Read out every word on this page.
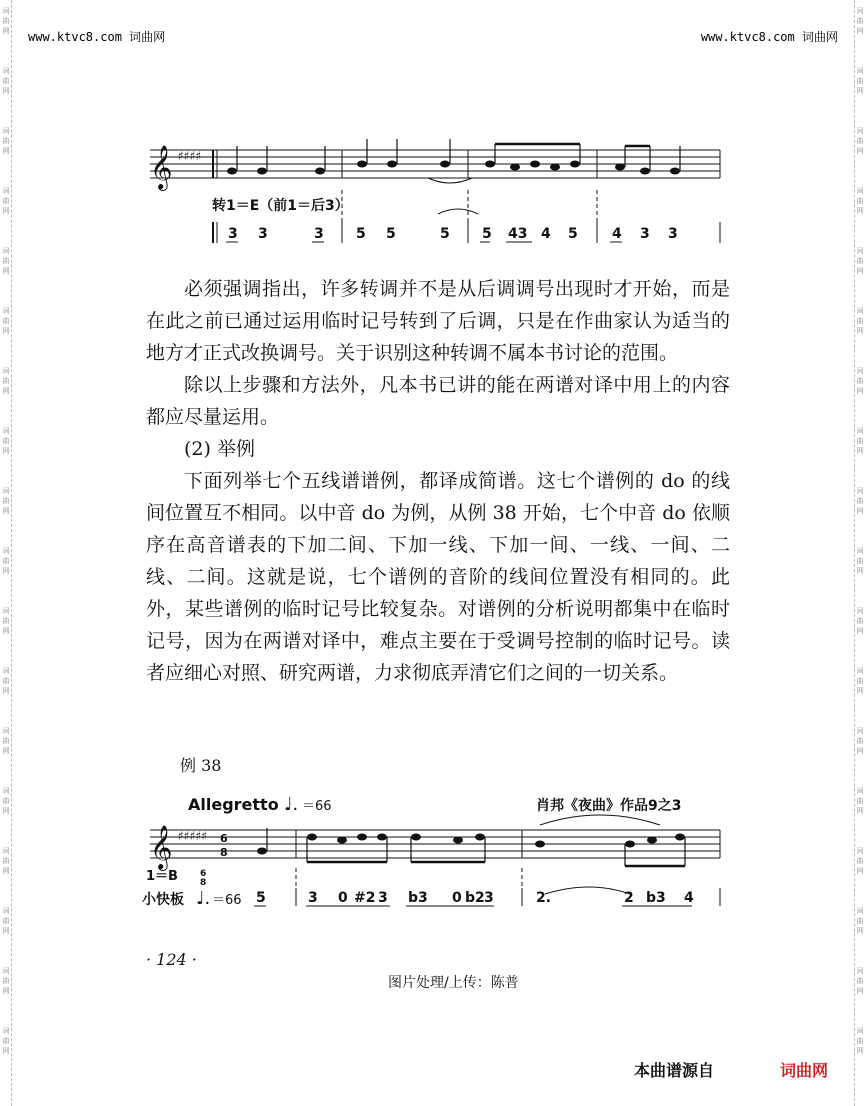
词
曲
网
词
曲
网
词
曲
网
词
曲
网
词
曲
网
词
曲
网
词
曲
网
词
曲
网
词
曲
网
词
曲
网
词
曲
网
词
曲
网
词
曲
网
词
曲
网
词
曲
网
词
曲
网
词
曲
网
词
曲
网
词
曲
网
词
曲
网
词
曲
网
词
曲
网
词
曲
网
词
曲
网
词
曲
网
词
曲
网
词
曲
网
词
曲
网
词
曲
网
词
曲
网
词
曲
网
词
曲
网
词
曲
网
词
曲
网
词
曲
网
词
曲
网
www.ktvc8.com 词曲网	www.ktvc8.com 词曲网
𝄞 ♯♯♯♯
转1＝E（前1＝后3）
3 3	3 5 5	5 5 43 4 5 4 3 3

必须强调指出，许多转调并不是从后调调号出现时才开始，而是在此之前已通过运用临时记号转到了后调，只是在作曲家认为适当的地方才正式改换调号。关于识别这种转调不属本书讨论的范围。

除以上步骤和方法外，凡本书已讲的能在两谱对译中用上的内容都应尽量运用。

(2) 举例

下面列举七个五线谱谱例，都译成简谱。这七个谱例的 do 的线间位置互不相同。以中音 do 为例，从例 38 开始，七个中音 do 依顺序在高音谱表的下加二间、下加一线、下加一间、一线、一间、二线、二间。这就是说，七个谱例的音阶的线间位置没有相同的。此外，某些谱例的临时记号比较复杂。对谱例的分析说明都集中在临时记号，因为在两谱对译中，难点主要在于受调号控制的临时记号。读者应细心对照、研究两谱，力求彻底弄清它们之间的一切关系。

例 38
Allegretto ♩. ＝66	肖邦《夜曲》作品9之3
𝄞 ♯♯♯♯♯ 6
8
1＝B 6
8
小快板 ♩. ＝66 5	3 0 #2 3 b3 0 b2 3	2.	2 b3 4
· 124 ·
图片处理/上传：陈普
本曲谱源自	词曲网
